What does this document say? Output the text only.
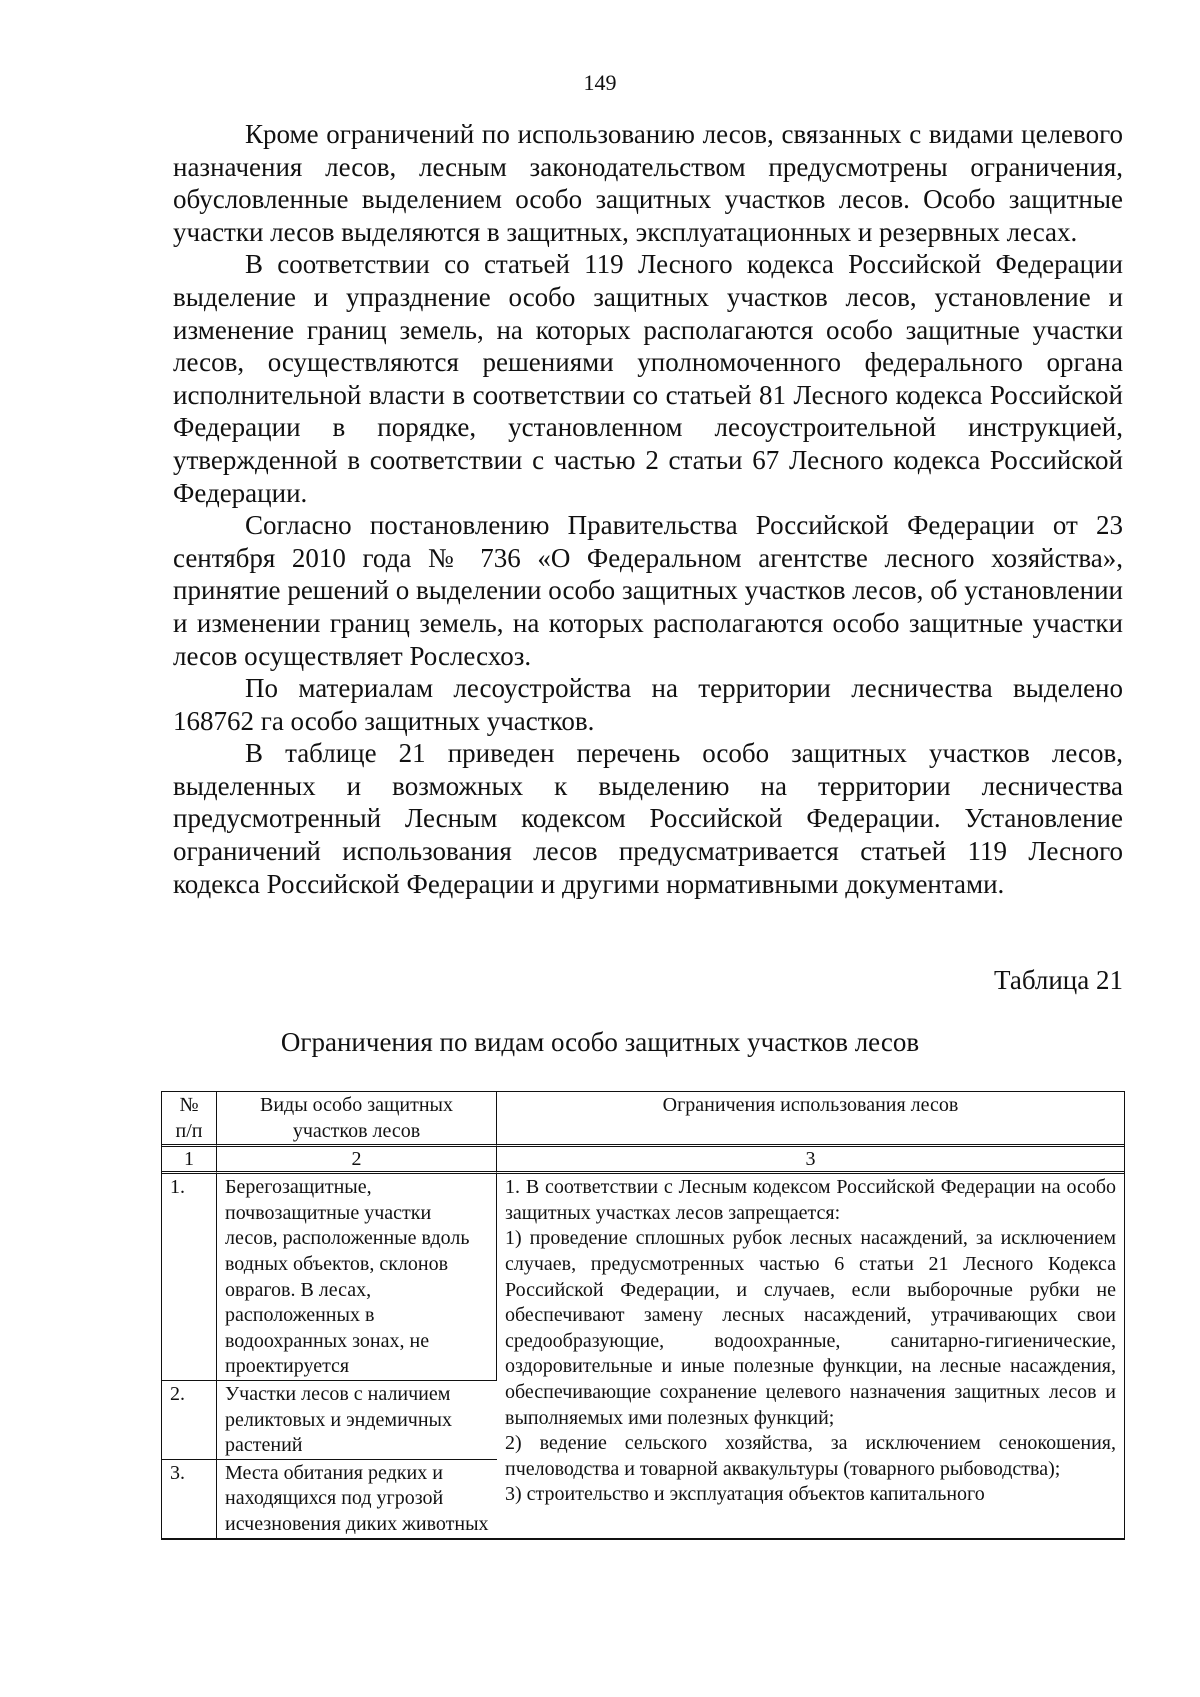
149

Кроме ограничений по использованию лесов, связанных с видами целевого назначения лесов, лесным законодательством предусмотрены ограничения, обусловленные выделением особо защитных участков лесов. Особо защитные участки лесов выделяются в защитных, эксплуатационных и резервных лесах.

В соответствии со статьей 119 Лесного кодекса Российской Федерации выделение и упразднение особо защитных участков лесов, установление и изменение границ земель, на которых располагаются особо защитные участки лесов, осуществляются решениями уполномоченного федерального органа исполнительной власти в соответствии со статьей 81 Лесного кодекса Российской Федерации в порядке, установленном лесоустроительной инструкцией, утвержденной в соответствии с частью 2 статьи 67 Лесного кодекса Российской Федерации.

Согласно постановлению Правительства Российской Федерации от 23 сентября 2010 года № 736 «О Федеральном агентстве лесного хозяйства», принятие решений о выделении особо защитных участков лесов, об установлении и изменении границ земель, на которых располагаются особо защитные участки лесов осуществляет Рослесхоз.

По материалам лесоустройства на территории лесничества выделено 168762 га особо защитных участков.

В таблице 21 приведен перечень особо защитных участков лесов, выделенных и возможных к выделению на территории лесничества предусмотренный Лесным кодексом Российской Федерации. Установление ограничений использования лесов предусматривается статьей 119 Лесного кодекса Российской Федерации и другими нормативными документами.

Таблица 21
Ограничения по видам особо защитных участков лесов
№ п/п	Виды особо защитных участков лесов	Ограничения использования лесов
1	2	3
1.	Берегозащитные, почвозащитные участки лесов, расположенные вдоль водных объектов, склонов оврагов. В лесах, расположенных в водоохранных зонах, не проектируется	1. В соответствии с Лесным кодексом Российской Федерации на особо защитных участках лесов запрещается:

1) проведение сплошных рубок лесных насаждений, за исключением случаев, предусмотренных частью 6 статьи 21 Лесного Кодекса Российской Федерации, и случаев, если выборочные рубки не обеспечивают замену лесных насаждений, утрачивающих свои средообразующие, водоохранные, санитарно-гигиенические, оздоровительные и иные полезные функции, на лесные насаждения, обеспечивающие сохранение целевого назначения защитных лесов и выполняемых ими полезных функций;

2) ведение сельского хозяйства, за исключением сенокошения, пчеловодства и товарной аквакультуры (товарного рыбоводства);

3) строительство и эксплуатация объектов капитального

2.	Участки лесов с наличием реликтовых и эндемичных растений	
3.	Места обитания редких и находящихся под угрозой исчезновения диких животных	
